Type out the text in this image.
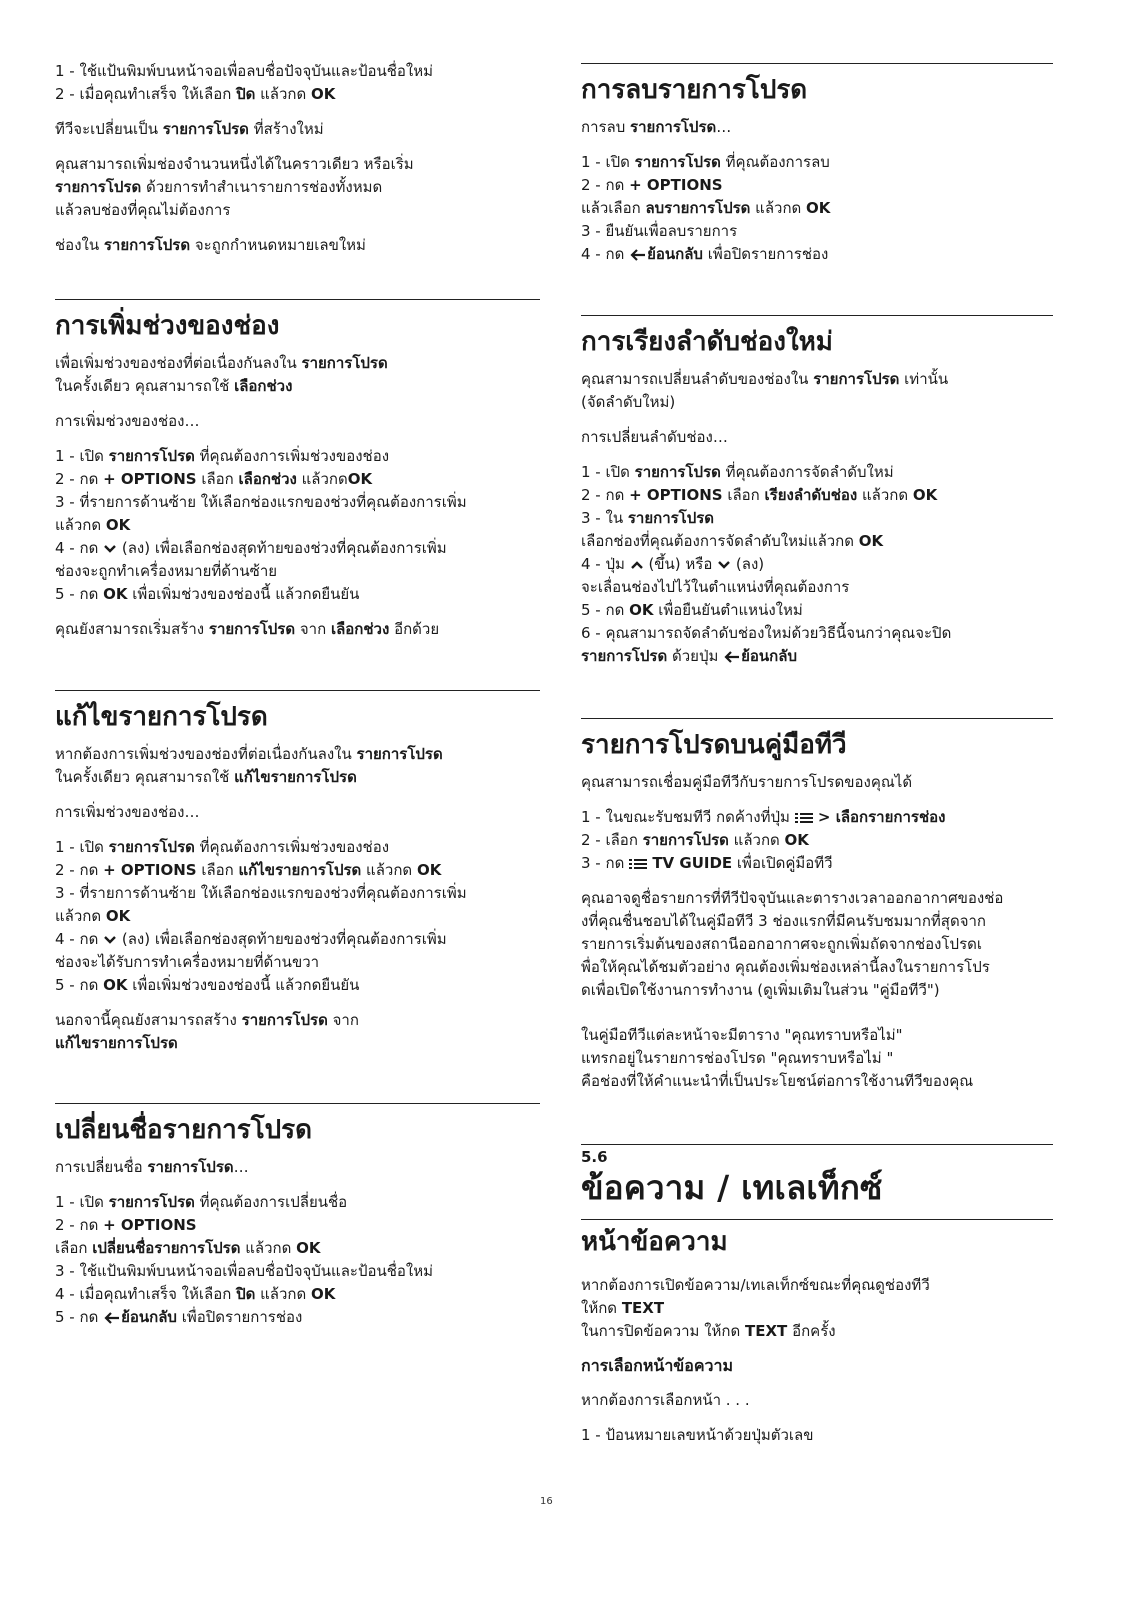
1 - ใช้แป้นพิมพ์บนหน้าจอเพื่อลบชื่อปัจจุบันและป้อนชื่อใหม่

2 - เมื่อคุณทำเสร็จ ให้เลือก ปิด แล้วกด OK

ทีวีจะเปลี่ยนเป็น รายการโปรด ที่สร้างใหม่

คุณสามารถเพิ่มช่องจำนวนหนึ่งได้ในคราวเดียว หรือเริ่ม

รายการโปรด ด้วยการทำสำเนารายการช่องทั้งหมด

แล้วลบช่องที่คุณไม่ต้องการ

ช่องใน รายการโปรด จะถูกกำหนดหมายเลขใหม่

การเพิ่มช่วงของช่อง

เพื่อเพิ่มช่วงของช่องที่ต่อเนื่องกันลงใน รายการโปรด

ในครั้งเดียว คุณสามารถใช้ เลือกช่วง

การเพิ่มช่วงของช่อง…

1 - เปิด รายการโปรด ที่คุณต้องการเพิ่มช่วงของช่อง

2 - กด + OPTIONS เลือก เลือกช่วง แล้วกดOK

3 - ที่รายการด้านซ้าย ให้เลือกช่องแรกของช่วงที่คุณต้องการเพิ่ม

แล้วกด OK

4 - กด  (ลง) เพื่อเลือกช่องสุดท้ายของช่วงที่คุณต้องการเพิ่ม

ช่องจะถูกทำเครื่องหมายที่ด้านซ้าย

5 - กด OK เพื่อเพิ่มช่วงของช่องนี้ แล้วกดยืนยัน

คุณยังสามารถเริ่มสร้าง รายการโปรด จาก เลือกช่วง อีกด้วย

แก้ไขรายการโปรด

หากต้องการเพิ่มช่วงของช่องที่ต่อเนื่องกันลงใน รายการโปรด

ในครั้งเดียว คุณสามารถใช้ แก้ไขรายการโปรด

การเพิ่มช่วงของช่อง…

1 - เปิด รายการโปรด ที่คุณต้องการเพิ่มช่วงของช่อง

2 - กด + OPTIONS เลือก แก้ไขรายการโปรด แล้วกด OK

3 - ที่รายการด้านซ้าย ให้เลือกช่องแรกของช่วงที่คุณต้องการเพิ่ม

แล้วกด OK

4 - กด  (ลง) เพื่อเลือกช่องสุดท้ายของช่วงที่คุณต้องการเพิ่ม

ช่องจะได้รับการทำเครื่องหมายที่ด้านขวา

5 - กด OK เพื่อเพิ่มช่วงของช่องนี้ แล้วกดยืนยัน

นอกจานี้คุณยังสามารถสร้าง รายการโปรด จาก

แก้ไขรายการโปรด

เปลี่ยนชื่อรายการโปรด

การเปลี่ยนชื่อ รายการโปรด…

1 - เปิด รายการโปรด ที่คุณต้องการเปลี่ยนชื่อ

2 - กด + OPTIONS

เลือก เปลี่ยนชื่อรายการโปรด แล้วกด OK

3 - ใช้แป้นพิมพ์บนหน้าจอเพื่อลบชื่อปัจจุบันและป้อนชื่อใหม่

4 - เมื่อคุณทำเสร็จ ให้เลือก ปิด แล้วกด OK

5 - กด ย้อนกลับ เพื่อปิดรายการช่อง

การลบรายการโปรด

การลบ รายการโปรด…

1 - เปิด รายการโปรด ที่คุณต้องการลบ

2 - กด + OPTIONS

แล้วเลือก ลบรายการโปรด แล้วกด OK

3 - ยืนยันเพื่อลบรายการ

4 - กด ย้อนกลับ เพื่อปิดรายการช่อง

การเรียงลำดับช่องใหม่

คุณสามารถเปลี่ยนลำดับของช่องใน รายการโปรด เท่านั้น

(จัดลำดับใหม่)

การเปลี่ยนลำดับช่อง…

1 - เปิด รายการโปรด ที่คุณต้องการจัดลำดับใหม่

2 - กด + OPTIONS เลือก เรียงลำดับช่อง แล้วกด OK

3 - ใน รายการโปรด

เลือกช่องที่คุณต้องการจัดลำดับใหม่แล้วกด OK

4 - ปุ่ม  (ขึ้น) หรือ  (ลง)

จะเลื่อนช่องไปไว้ในตำแหน่งที่คุณต้องการ

5 - กด OK เพื่อยืนยันตำแหน่งใหม่

6 - คุณสามารถจัดลำดับช่องใหม่ด้วยวิธีนี้จนกว่าคุณจะปิด

รายการโปรด ด้วยปุ่ม ย้อนกลับ

รายการโปรดบนคู่มือทีวี

คุณสามารถเชื่อมคู่มือทีวีกับรายการโปรดของคุณได้

1 - ในขณะรับชมทีวี กดค้างที่ปุ่ม  > เลือกรายการช่อง

2 - เลือก รายการโปรด แล้วกด OK

3 - กด  TV GUIDE เพื่อเปิดคู่มือทีวี

คุณอาจดูชื่อรายการที่ทีวีปัจจุบันและตารางเวลาออกอากาศของช่อ

งที่คุณชื่นชอบได้ในคู่มือทีวี 3 ช่องแรกที่มีคนรับชมมากที่สุดจาก

รายการเริ่มต้นของสถานีออกอากาศจะถูกเพิ่มถัดจากช่องโปรดเ

พื่อให้คุณได้ชมตัวอย่าง คุณต้องเพิ่มช่องเหล่านี้ลงในรายการโปร

ดเพื่อเปิดใช้งานการทำงาน (ดูเพิ่มเติมในส่วน "คู่มือทีวี")

ในคู่มือทีวีแต่ละหน้าจะมีตาราง "คุณทราบหรือไม่"

แทรกอยู่ในรายการช่องโปรด "คุณทราบหรือไม่ "

คือช่องที่ให้คำแนะนำที่เป็นประโยชน์ต่อการใช้งานทีวีของคุณ

5.6
ข้อความ / เทเลเท็กซ์
หน้าข้อความ

หากต้องการเปิดข้อความ/เทเลเท็กซ์ขณะที่คุณดูช่องทีวี

ให้กด TEXT

ในการปิดข้อความ ให้กด TEXT อีกครั้ง

การเลือกหน้าข้อความ

หากต้องการเลือกหน้า . . .

1 - ป้อนหมายเลขหน้าด้วยปุ่มตัวเลข

16
